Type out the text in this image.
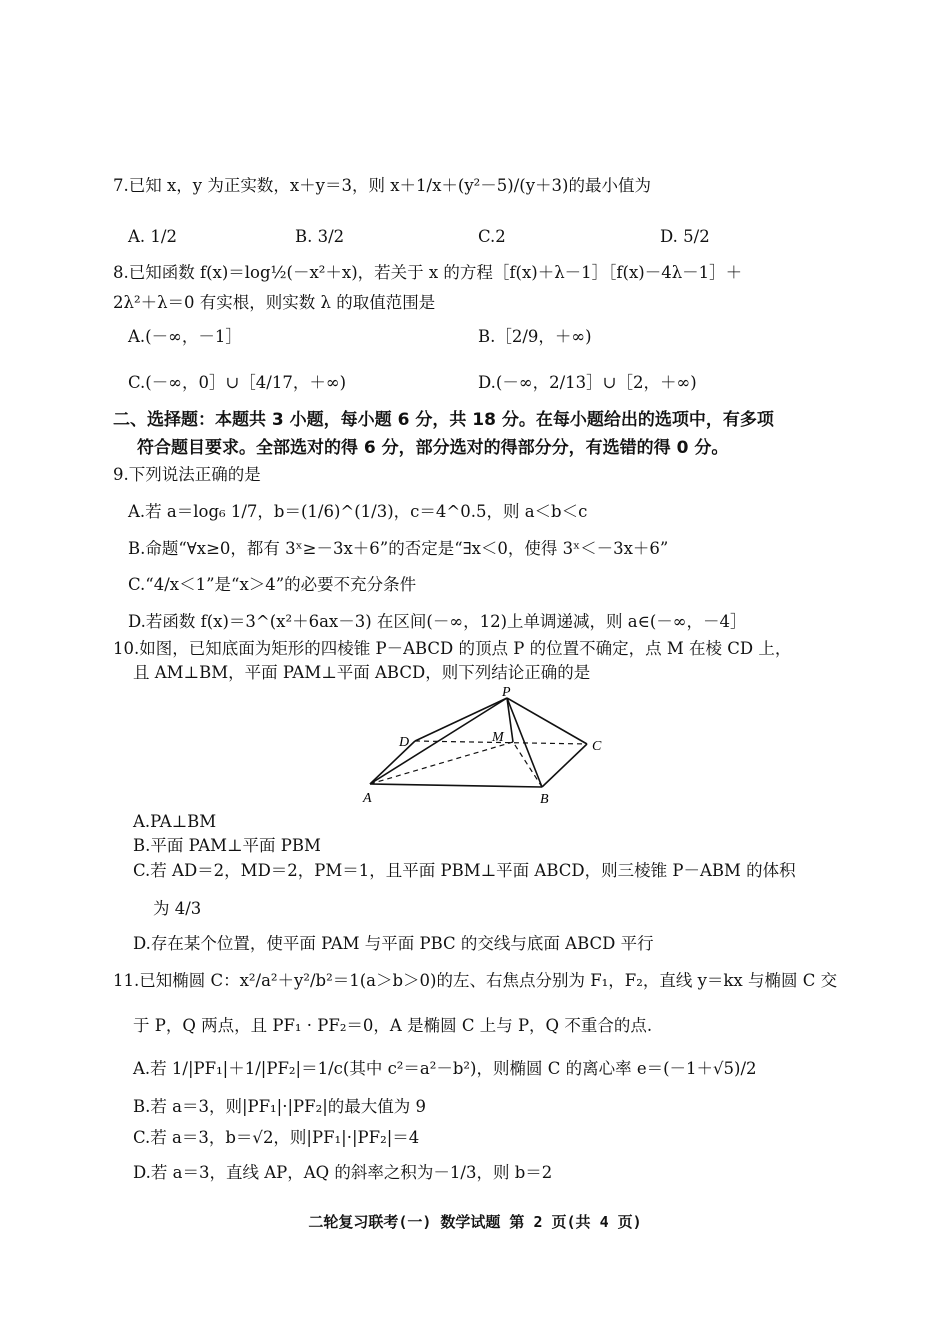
7.已知 x，y 为正实数，x＋y＝3，则 x＋1/x＋(y²－5)/(y＋3)的最小值为
A. 1/2	B. 3/2	C.2	D. 5/2
8.已知函数 f(x)＝log½(－x²＋x)，若关于 x 的方程［f(x)＋λ－1］［f(x)－4λ－1］＋
2λ²＋λ＝0 有实根，则实数 λ 的取值范围是
A.(－∞，－1］	B.［2/9，＋∞)
C.(－∞，0］∪［4/17，＋∞)	D.(－∞，2/13］∪［2，＋∞)
二、选择题：本题共 3 小题，每小题 6 分，共 18 分。在每小题给出的选项中，有多项
符合题目要求。全部选对的得 6 分，部分选对的得部分分，有选错的得 0 分。
9.下列说法正确的是
A.若 a＝log₆ 1/7，b＝(1/6)^(1/3)，c＝4^0.5，则 a＜b＜c
B.命题“∀x≥0，都有 3ˣ≥－3x＋6”的否定是“∃x＜0，使得 3ˣ＜－3x＋6”
C.“4/x＜1”是“x＞4”的必要不充分条件
D.若函数 f(x)＝3^(x²＋6ax－3) 在区间(－∞，12)上单调递减，则 a∈(－∞，－4］
10.如图，已知底面为矩形的四棱锥 P－ABCD 的顶点 P 的位置不确定，点 M 在棱 CD 上，
且 AM⊥BM，平面 PAM⊥平面 ABCD，则下列结论正确的是
P
D	M
C
A	B
A.PA⊥BM
B.平面 PAM⊥平面 PBM
C.若 AD＝2，MD＝2，PM＝1，且平面 PBM⊥平面 ABCD，则三棱锥 P－ABM 的体积
为 4/3
D.存在某个位置，使平面 PAM 与平面 PBC 的交线与底面 ABCD 平行
11.已知椭圆 C：x²/a²＋y²/b²＝1(a＞b＞0)的左、右焦点分别为 F₁，F₂，直线 y＝kx 与椭圆 C 交
于 P，Q 两点，且 PF₁ · PF₂＝0，A 是椭圆 C 上与 P，Q 不重合的点.
A.若 1/|PF₁|＋1/|PF₂|＝1/c(其中 c²＝a²－b²)，则椭圆 C 的离心率 e＝(－1＋√5)/2
B.若 a＝3，则|PF₁|·|PF₂|的最大值为 9
C.若 a＝3，b＝√2，则|PF₁|·|PF₂|＝4
D.若 a＝3，直线 AP，AQ 的斜率之积为－1/3，则 b＝2
二轮复习联考(一) 数学试题 第 2 页(共 4 页)
